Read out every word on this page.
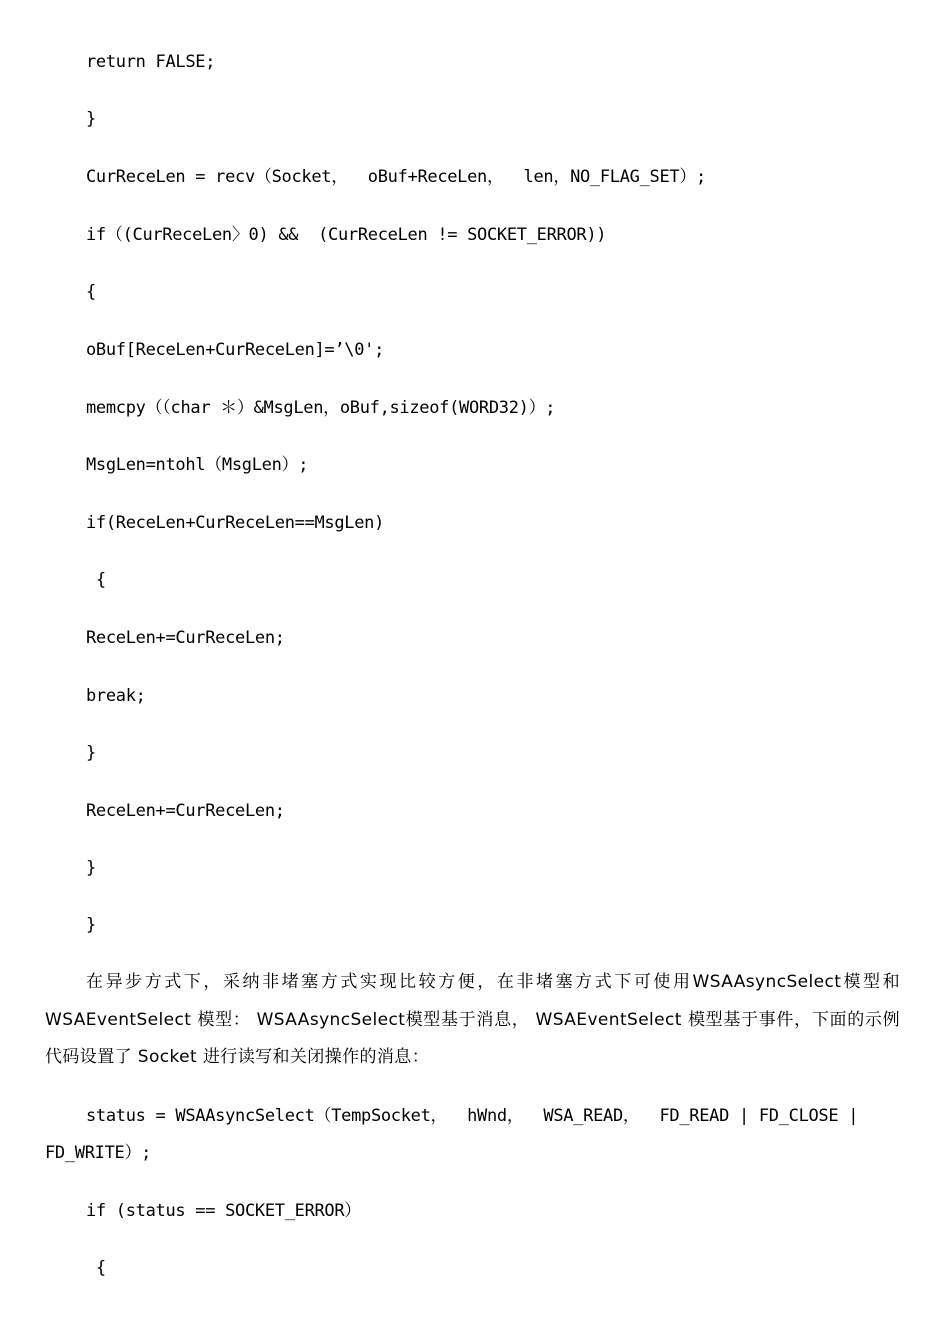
return FALSE;
}
CurReceLen = recv（Socket，  oBuf+ReceLen，  len，NO_FLAG_SET）;
if（(CurReceLen〉0) &&  (CurReceLen != SOCKET_ERROR))
{
oBuf[ReceLen+CurReceLen]=’\0';
memcpy（（char ＊）&MsgLen，oBuf,sizeof(WORD32)）;
MsgLen=ntohl（MsgLen）;
if(ReceLen+CurReceLen==MsgLen)
{
ReceLen+=CurReceLen;
break;
}
ReceLen+=CurReceLen;
}
}

在异步方式下，采纳非堵塞方式实现比较方便，在非堵塞方式下可使用WSAAsyncSelect模型和 WSAEventSelect 模型： WSAAsyncSelect模型基于消息， WSAEventSelect 模型基于事件，下面的示例代码设置了 Socket 进行读写和关闭操作的消息：

status = WSAAsyncSelect（TempSocket，  hWnd，  WSA_READ，  FD_READ | FD_CLOSE |
FD_WRITE）;
if (status == SOCKET_ERROR）
{
